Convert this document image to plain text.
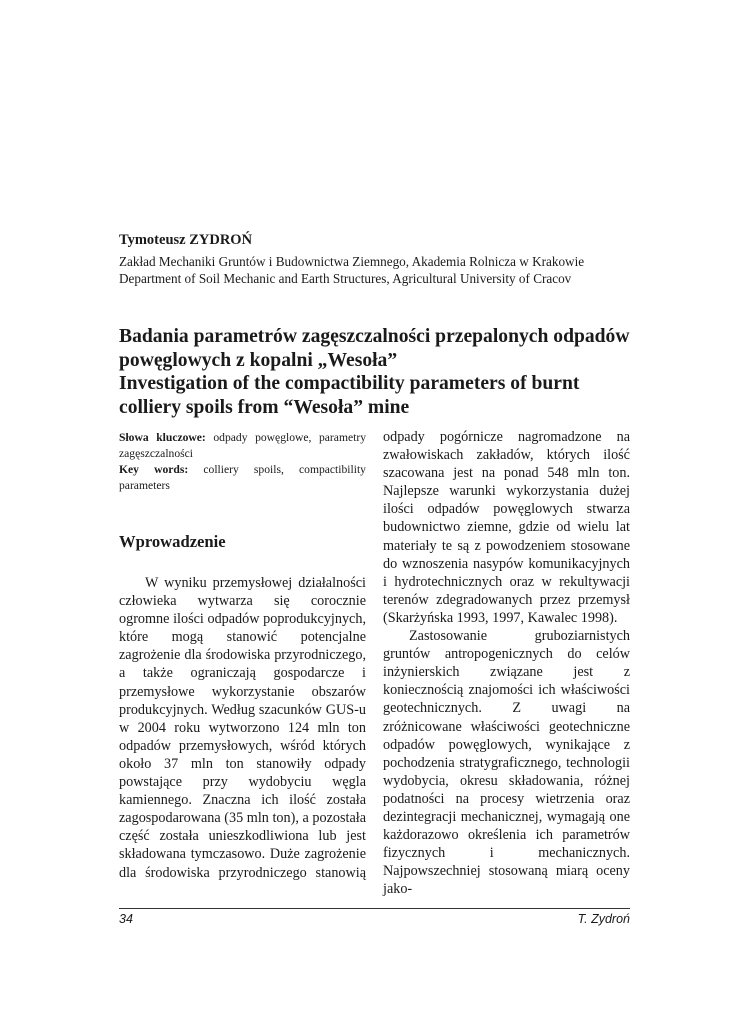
Tymoteusz ZYDROŃ
Zakład Mechaniki Gruntów i Budownictwa Ziemnego, Akademia Rolnicza w Krakowie
Department of Soil Mechanic and Earth Structures, Agricultural University of Cracov
Badania parametrów zagęszczalności przepalonych odpadów
powęglowych z kopalni „Wesoła”
Investigation of the compactibility parameters of burnt
colliery spoils from “Wesoła” mine
Słowa kluczowe: odpady powęglowe, parametry zagęszczalności
Key words: colliery spoils, compactibility parameters
Wprowadzenie
W wyniku przemysłowej działalności człowieka wytwarza się corocznie ogromne ilości odpadów poprodukcyjnych, które mogą stanowić potencjalne zagrożenie dla środowiska przyrodniczego, a także ograniczają gospodarcze i przemysłowe wykorzystanie obszarów produkcyjnych. Według szacunków GUS-u w 2004 roku wytworzono 124 mln ton odpadów przemysłowych, wśród których około 37 mln ton stanowiły odpady powstające przy wydobyciu węgla kamiennego. Znaczna ich ilość została zagospodarowana (35 mln ton), a pozostała część została unieszkodliwiona lub jest składowana tymczasowo. Duże zagrożenie dla środowiska przyrodniczego stanowią
odpady pogórnicze nagromadzone na zwałowiskach zakładów, których ilość szacowana jest na ponad 548 mln ton. Najlepsze warunki wykorzystania dużej ilości odpadów powęglowych stwarza budownictwo ziemne, gdzie od wielu lat materiały te są z powodzeniem stosowane do wznoszenia nasypów komunikacyjnych i hydrotechnicznych oraz w rekultywacji terenów zdegradowanych przez przemysł (Skarżyńska 1993, 1997, Kawalec 1998).
Zastosowanie gruboziarnistych gruntów antropogenicznych do celów inżynierskich związane jest z koniecznością znajomości ich właściwości geotechnicznych. Z uwagi na zróżnicowane właściwości geotechniczne odpadów powęglowych, wynikające z pochodzenia stratygraficznego, technologii wydobycia, okresu składowania, różnej podatności na procesy wietrzenia oraz dezintegracji mechanicznej, wymagają one każdorazowo określenia ich parametrów fizycznych i mechanicznych. Najpowszechniej stosowaną miarą oceny jako-
34	T. Zydroń
